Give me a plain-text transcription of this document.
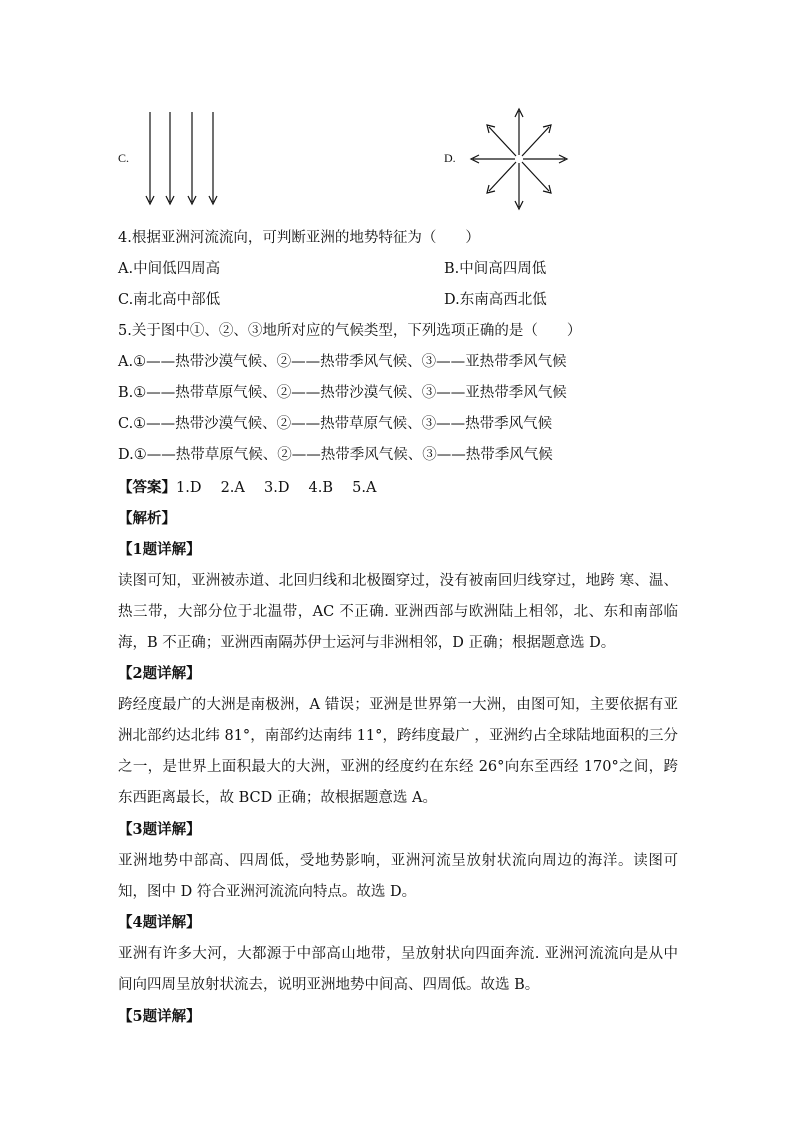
C.	D.
4.根据亚洲河流流向，可判断亚洲的地势特征为（　　）
A.中间低四周高	B.中间高四周低
C.南北高中部低	D.东南高西北低
5.关于图中①、②、③地所对应的气候类型，下列选项正确的是（　　）
A.①——热带沙漠气候、②——热带季风气候、③——亚热带季风气候
B.①——热带草原气候、②——热带沙漠气候、③——亚热带季风气候
C.①——热带沙漠气候、②——热带草原气候、③——热带季风气候
D.①——热带草原气候、②——热带季风气候、③——热带季风气候
【答案】1.D　 2.A　 3.D　 4.B　 5.A
【解析】
【1题详解】
读图可知，亚洲被赤道、北回归线和北极圈穿过，没有被南回归线穿过，地跨 寒、温、热三带，大部分位于北温带，AC 不正确. 亚洲西部与欧洲陆上相邻，北、东和南部临海，B 不正确；亚洲西南隔苏伊士运河与非洲相邻，D 正确；根据题意选 D。
【2题详解】
跨经度最广的大洲是南极洲，A 错误；亚洲是世界第一大洲，由图可知，主要依据有亚洲北部约达北纬 81°，南部约达南纬 11°，跨纬度最广 ，亚洲约占全球陆地面积的三分之一，是世界上面积最大的大洲，亚洲的经度约在东经 26°向东至西经 170°之间，跨东西距离最长，故 BCD 正确；故根据题意选 A。
【3题详解】
亚洲地势中部高、四周低，受地势影响，亚洲河流呈放射状流向周边的海洋。读图可知，图中 D 符合亚洲河流流向特点。故选 D。
【4题详解】
亚洲有许多大河，大都源于中部高山地带，呈放射状向四面奔流. 亚洲河流流向是从中间向四周呈放射状流去，说明亚洲地势中间高、四周低。故选 B。
【5题详解】
